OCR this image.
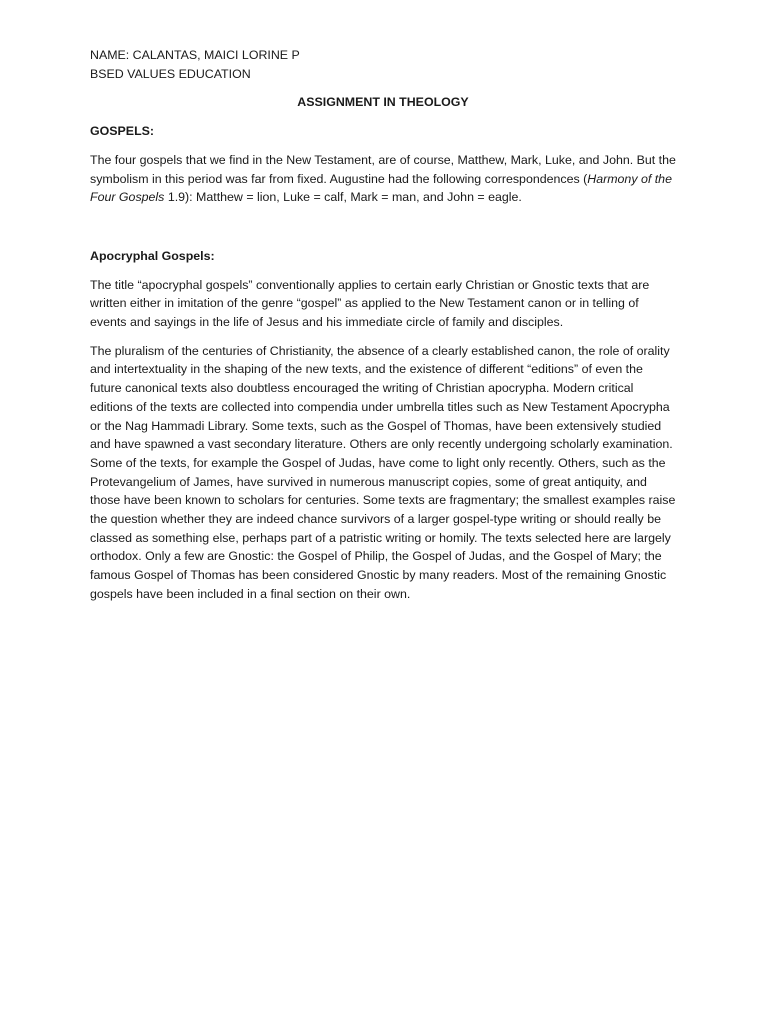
NAME: CALANTAS, MAICI LORINE P

BSED VALUES EDUCATION

ASSIGNMENT IN THEOLOGY

GOSPELS:

The four gospels that we find in the New Testament, are of course, Matthew, Mark, Luke, and John. But the symbolism in this period was far from fixed. Augustine had the following correspondences (Harmony of the Four Gospels 1.9): Matthew = lion, Luke = calf, Mark = man, and John = eagle.

Apocryphal Gospels:

The title “apocryphal gospels” conventionally applies to certain early Christian or Gnostic texts that are written either in imitation of the genre “gospel” as applied to the New Testament canon or in telling of events and sayings in the life of Jesus and his immediate circle of family and disciples.

The pluralism of the centuries of Christianity, the absence of a clearly established canon, the role of orality and intertextuality in the shaping of the new texts, and the existence of different “editions” of even the future canonical texts also doubtless encouraged the writing of Christian apocrypha. Modern critical editions of the texts are collected into compendia under umbrella titles such as New Testament Apocrypha or the Nag Hammadi Library. Some texts, such as the Gospel of Thomas, have been extensively studied and have spawned a vast secondary literature. Others are only recently undergoing scholarly examination. Some of the texts, for example the Gospel of Judas, have come to light only recently. Others, such as the Protevangelium of James, have survived in numerous manuscript copies, some of great antiquity, and those have been known to scholars for centuries. Some texts are fragmentary; the smallest examples raise the question whether they are indeed chance survivors of a larger gospel-type writing or should really be classed as something else, perhaps part of a patristic writing or homily. The texts selected here are largely orthodox. Only a few are Gnostic: the Gospel of Philip, the Gospel of Judas, and the Gospel of Mary; the famous Gospel of Thomas has been considered Gnostic by many readers. Most of the remaining Gnostic gospels have been included in a final section on their own.
